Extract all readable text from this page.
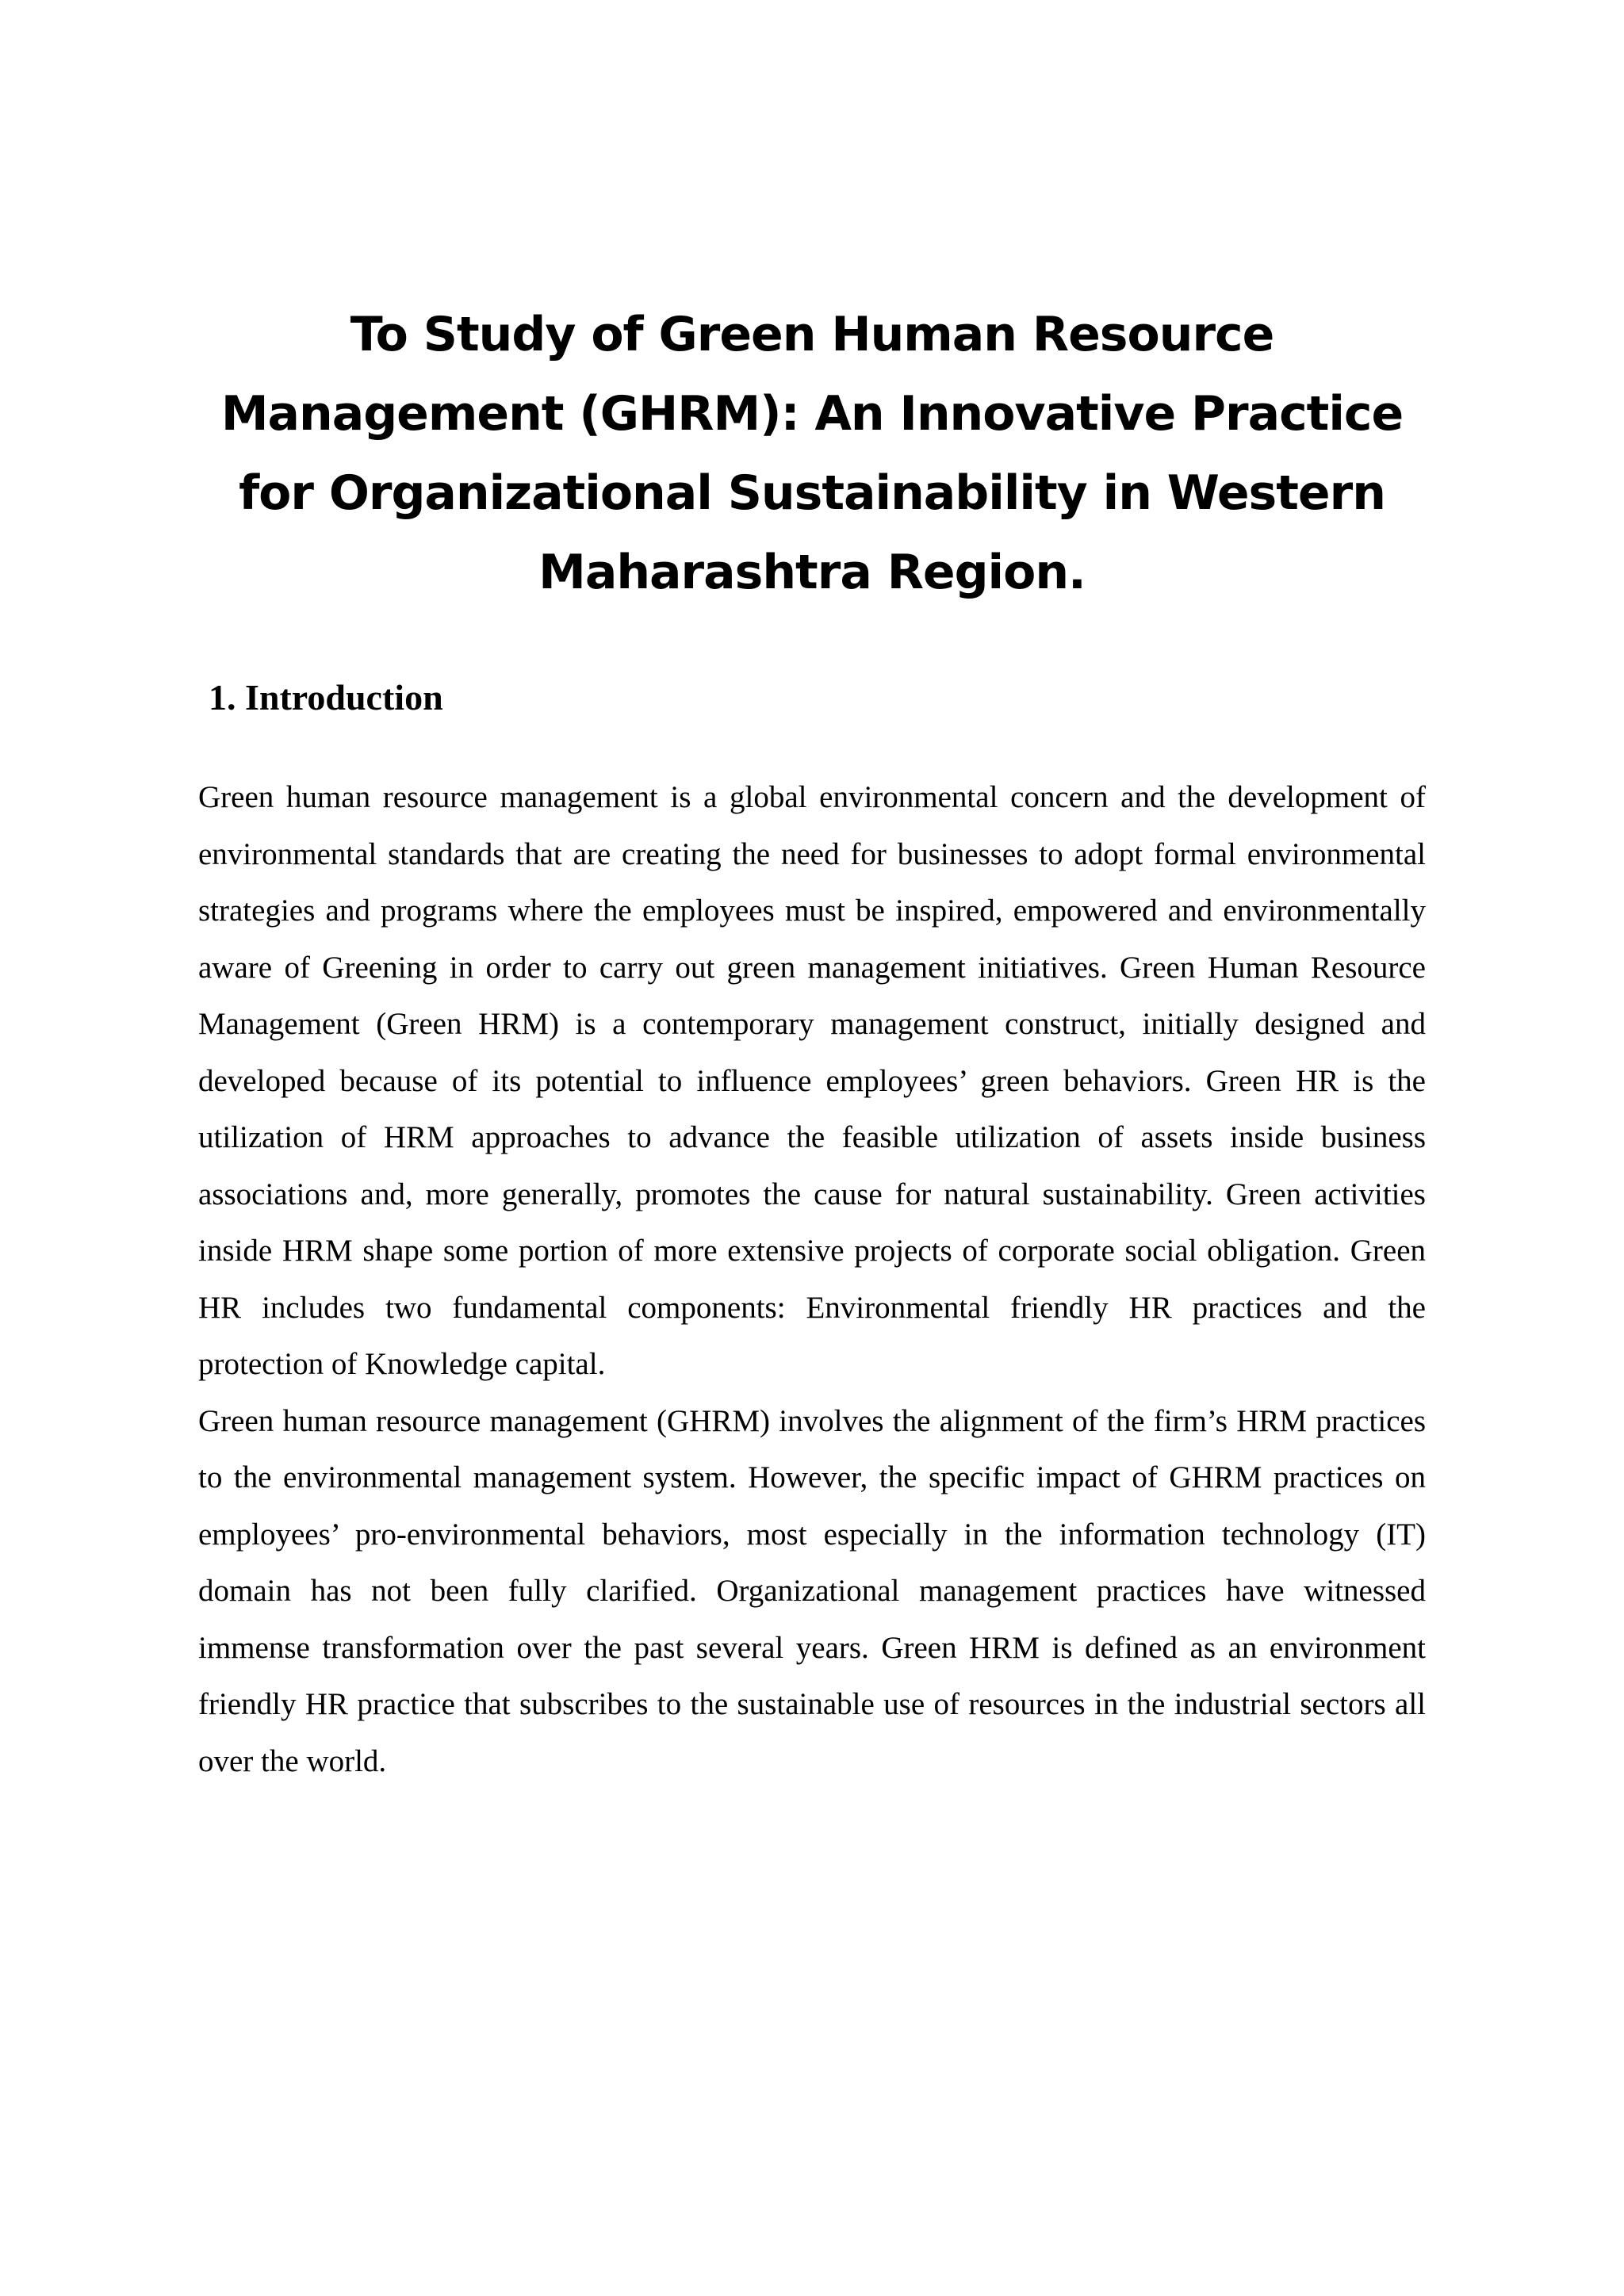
To Study of Green Human Resource Management (GHRM): An Innovative Practice for Organizational Sustainability in Western Maharashtra Region.
1. Introduction

Green human resource management is a global environmental concern and the development of environmental standards that are creating the need for businesses to adopt formal environmental strategies and programs where the employees must be inspired, empowered and environmentally aware of Greening in order to carry out green management initiatives. Green Human Resource Management (Green HRM) is a contemporary management construct, initially designed and developed because of its potential to influence employees’ green behaviors. Green HR is the utilization of HRM approaches to advance the feasible utilization of assets inside business associations and, more generally, promotes the cause for natural sustainability. Green activities inside HRM shape some portion of more extensive projects of corporate social obligation. Green HR includes two fundamental components: Environmental friendly HR practices and the protection of Knowledge capital.

Green human resource management (GHRM) involves the alignment of the firm’s HRM practices to the environmental management system. However, the specific impact of GHRM practices on employees’ pro-environmental behaviors, most especially in the information technology (IT) domain has not been fully clarified. Organizational management practices have witnessed immense transformation over the past several years. Green HRM is defined as an environment friendly HR practice that subscribes to the sustainable use of resources in the industrial sectors all over the world.
